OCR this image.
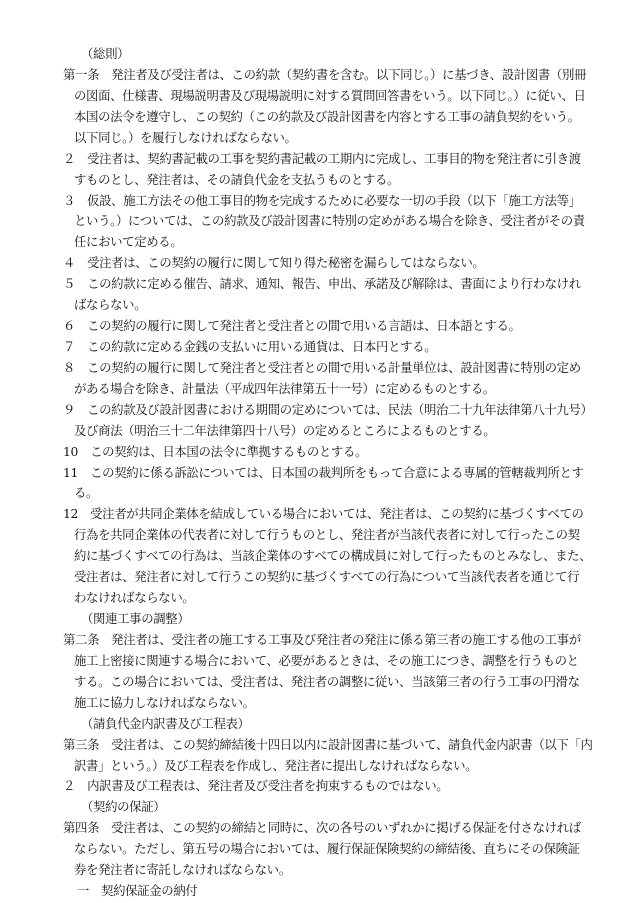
（総則）
第一条　発注者及び受注者は、この約款（契約書を含む。以下同じ。）に基づき、設計図書（別冊
の図面、仕様書、現場説明書及び現場説明に対する質問回答書をいう。以下同じ。）に従い、日
本国の法令を遵守し、この契約（この約款及び設計図書を内容とする工事の請負契約をいう。
以下同じ。）を履行しなければならない。
２　受注者は、契約書記載の工事を契約書記載の工期内に完成し、工事目的物を発注者に引き渡
すものとし、発注者は、その請負代金を支払うものとする。
３　仮設、施工方法その他工事目的物を完成するために必要な一切の手段（以下「施工方法等」
という。）については、この約款及び設計図書に特別の定めがある場合を除き、受注者がその責
任において定める。
４　受注者は、この契約の履行に関して知り得た秘密を漏らしてはならない。
５　この約款に定める催告、請求、通知、報告、申出、承諾及び解除は、書面により行わなけれ
ばならない。
６　この契約の履行に関して発注者と受注者との間で用いる言語は、日本語とする。
７　この約款に定める金銭の支払いに用いる通貨は、日本円とする。
８　この契約の履行に関して発注者と受注者との間で用いる計量単位は、設計図書に特別の定め
がある場合を除き、計量法（平成四年法律第五十一号）に定めるものとする。
９　この約款及び設計図書における期間の定めについては、民法（明治二十九年法律第八十九号）
及び商法（明治三十二年法律第四十八号）の定めるところによるものとする。
10　この契約は、日本国の法令に準拠するものとする。
11　この契約に係る訴訟については、日本国の裁判所をもって合意による専属的管轄裁判所とす
る。
12　受注者が共同企業体を結成している場合においては、発注者は、この契約に基づくすべての
行為を共同企業体の代表者に対して行うものとし、発注者が当該代表者に対して行ったこの契
約に基づくすべての行為は、当該企業体のすべての構成員に対して行ったものとみなし、また、
受注者は、発注者に対して行うこの契約に基づくすべての行為について当該代表者を通じて行
わなければならない。
（関連工事の調整）
第二条　発注者は、受注者の施工する工事及び発注者の発注に係る第三者の施工する他の工事が
施工上密接に関連する場合において、必要があるときは、その施工につき、調整を行うものと
する。この場合においては、受注者は、発注者の調整に従い、当該第三者の行う工事の円滑な
施工に協力しなければならない。
（請負代金内訳書及び工程表）
第三条　受注者は、この契約締結後十四日以内に設計図書に基づいて、請負代金内訳書（以下「内
訳書」という。）及び工程表を作成し、発注者に提出しなければならない。
２　内訳書及び工程表は、発注者及び受注者を拘束するものではない。
（契約の保証）
第四条　受注者は、この契約の締結と同時に、次の各号のいずれかに掲げる保証を付さなければ
ならない。ただし、第五号の場合においては、履行保証保険契約の締結後、直ちにその保険証
券を発注者に寄託しなければならない。
一　契約保証金の納付
